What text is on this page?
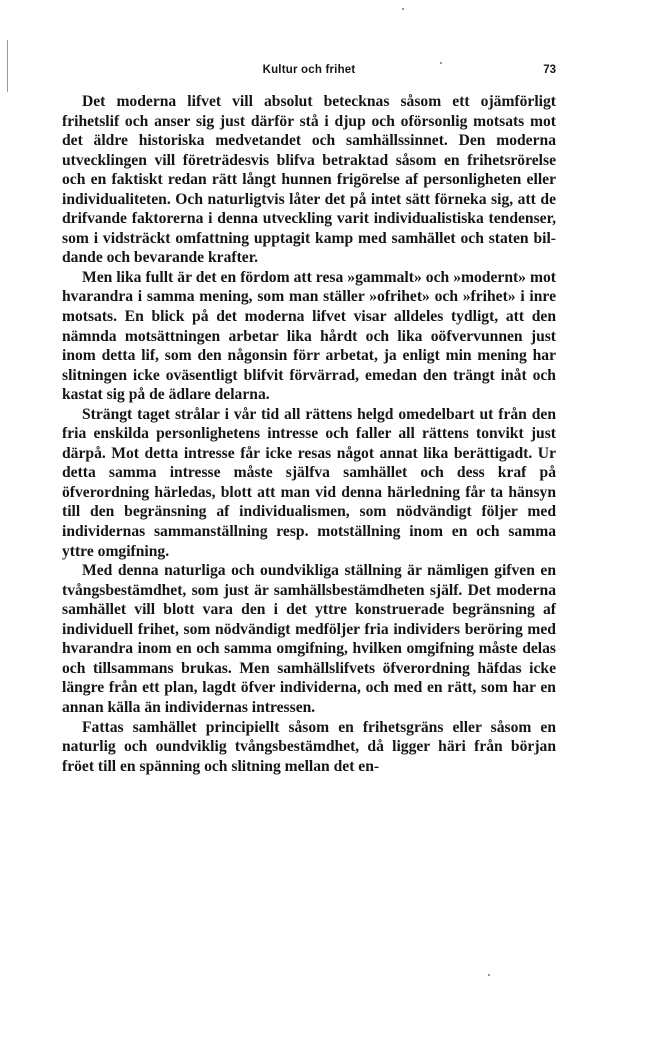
Kultur och frihet	73

Det moderna lifvet vill absolut betecknas såsom ett ojämförligt frihetslif och anser sig just därför stå i djup och oförsonlig motsats mot det äldre historiska medvetandet och samhällssinnet. Den moderna utvecklingen vill företrädesvis blifva betraktad såsom en frihetsrörelse och en faktiskt redan rätt långt hunnen frigörelse af personligheten eller individualiteten. Och naturligtvis låter det på intet sätt förneka sig, att de drifvande faktorerna i denna utveckling varit individualistiska tendenser, som i vidsträckt omfattning upptagit kamp med samhället och staten bildande och bevarande krafter.

Men lika fullt är det en fördom att resa »gammalt» och »modernt» mot hvarandra i samma mening, som man ställer »ofrihet» och »frihet» i inre motsats. En blick på det moderna lifvet visar alldeles tydligt, att den nämnda motsättningen arbetar lika hårdt och lika oöfvervunnen just inom detta lif, som den någonsin förr arbetat, ja enligt min mening har slitningen icke oväsentligt blifvit förvärrad, emedan den trängt inåt och kastat sig på de ädlare delarna.

Strängt taget strålar i vår tid all rättens helgd omedelbart ut från den fria enskilda personlighetens intresse och faller all rättens tonvikt just därpå. Mot detta intresse får icke resas något annat lika berättigadt. Ur detta samma intresse måste själfva samhället och dess kraf på öfverordning härledas, blott att man vid denna härledning får ta hänsyn till den begränsning af individualismen, som nödvändigt följer med individernas sammanställning resp. motställning inom en och samma yttre omgifning.

Med denna naturliga och oundvikliga ställning är nämligen gifven en tvångsbestämdhet, som just är samhällsbestämdheten själf. Det moderna samhället vill blott vara den i det yttre konstruerade begränsning af individuell frihet, som nödvändigt medföljer fria individers beröring med hvarandra inom en och samma omgifning, hvilken omgifning måste delas och tillsammans brukas. Men samhällslifvets öfverordning häfdas icke längre från ett plan, lagdt öfver individerna, och med en rätt, som har en annan källa än individernas intressen.

Fattas samhället principiellt såsom en frihetsgräns eller såsom en naturlig och oundviklig tvångsbestämdhet, då ligger häri från början fröet till en spänning och slitning mellan det en-
